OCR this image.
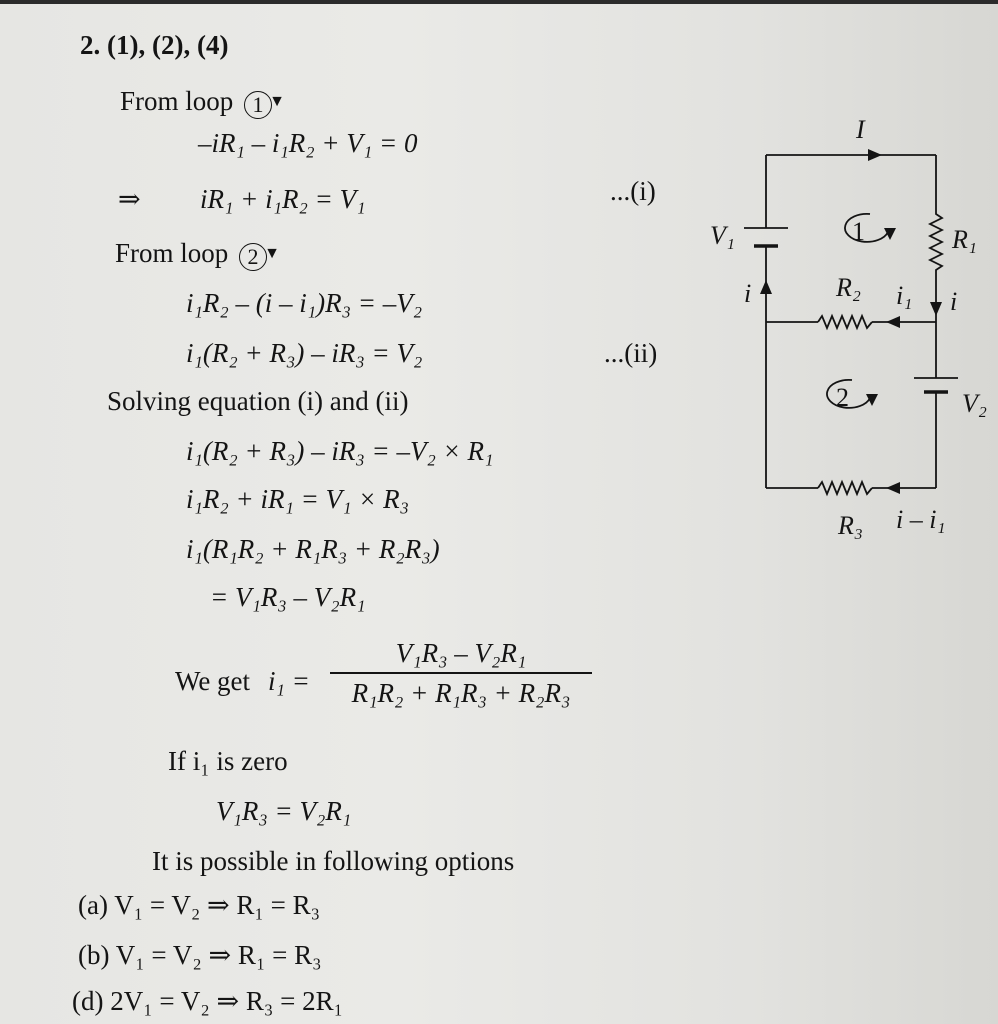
2. (1), (2), (4)
From loop 1 ▼
–iR₁ – i₁R₂ + V₁ = 0
⇒ iR₁ + i₁R₂ = V₁	...(i)
From loop 2 ▼
i₁R₂ – (i – i₁)R₃ = –V₂
i₁(R₂ + R₃) – iR₃ = V₂	...(ii)
Solving equation (i) and (ii)
i₁(R₂ + R₃) – iR₃ = –V₂ × R₁
i₁R₂ + iR₁ = V₁ × R₃
i₁(R₁R₂ + R₁R₃ + R₂R₃)
= V₁R₃ – V₂R₁
We get i₁ =
V₁R₃ – V₂R₁
R₁R₂ + R₁R₃ + R₂R₃
If i₁ is zero
V₁R₃ = V₂R₁
It is possible in following options
(a) V₁ = V₂ ⇒ R₁ = R₃
(b) V₁ = V₂ ⇒ R₁ = R₃
(d) 2V₁ = V₂ ⇒ R₃ = 2R₁
I
V₁	R₁
R₂
R₃
V₂
i	i
i₁
i – i₁
1
2
